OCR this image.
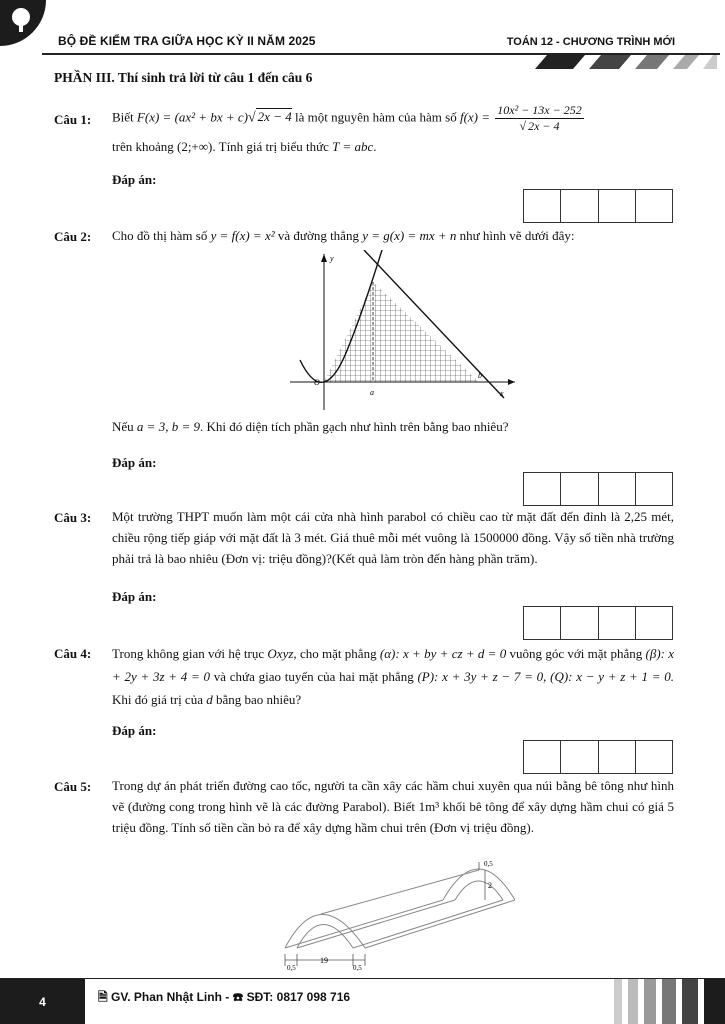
BỘ ĐỀ KIỂM TRA GIỮA HỌC KỲ II NĂM 2025	TOÁN 12 - CHƯƠNG TRÌNH MỚI
PHẦN III. Thí sinh trả lời từ câu 1 đến câu 6
Câu 1: Biết F(x) = (ax² + bx + c)√ 2x − 4 là một nguyên hàm của hàm số $f(x) = \frac{\text{10x² − 13x − 252}}{√ 2x - 4}$
trên khoảng (2;+∞). Tính giá trị biểu thức T = abc.
Đáp án:
Câu 2: Cho đồ thị hàm số y = f(x) = x² và đường thẳng y = g(x) = mx + n như hình vẽ dưới đây:
y
x
O
a
b
Nếu a = 3, b = 9. Khi đó diện tích phần gạch như hình trên bằng bao nhiêu?
Đáp án:
Câu 3: Một trường THPT muốn làm một cái cửa nhà hình parabol có chiều cao từ mặt đất đến đỉnh là 2,25 mét, chiều rộng tiếp giáp với mặt đất là 3 mét. Giá thuê mỗi mét vuông là 1500000 đồng. Vậy số tiền nhà trường phải trả là bao nhiêu (Đơn vị: triệu đồng)?(Kết quả làm tròn đến hàng phần trăm).
Đáp án:
Câu 4: Trong không gian với hệ trục Oxyz, cho mặt phẳng (α): x + by + cz + d = 0 vuông góc với mặt phẳng (β): x + 2y + 3z + 4 = 0 và chứa giao tuyến của hai mặt phẳng (P): x + 3y + z − 7 = 0, (Q): x − y + z + 1 = 0. Khi đó giá trị của d bằng bao nhiêu?
Đáp án:
Câu 5: Trong dự án phát triển đường cao tốc, người ta cần xây các hầm chui xuyên qua núi bằng bê tông như hình vẽ (đường cong trong hình vẽ là các đường Parabol). Biết 1m³ khối bê tông để xây dựng hầm chui có giá 5 triệu đồng. Tính số tiền cần bỏ ra để xây dựng hầm chui trên (Đơn vị triệu đồng).
0,5
2
0,5
19
0,5
4	🗎 GV. Phan Nhật Linh - ☎ SĐT: 0817 098 716
